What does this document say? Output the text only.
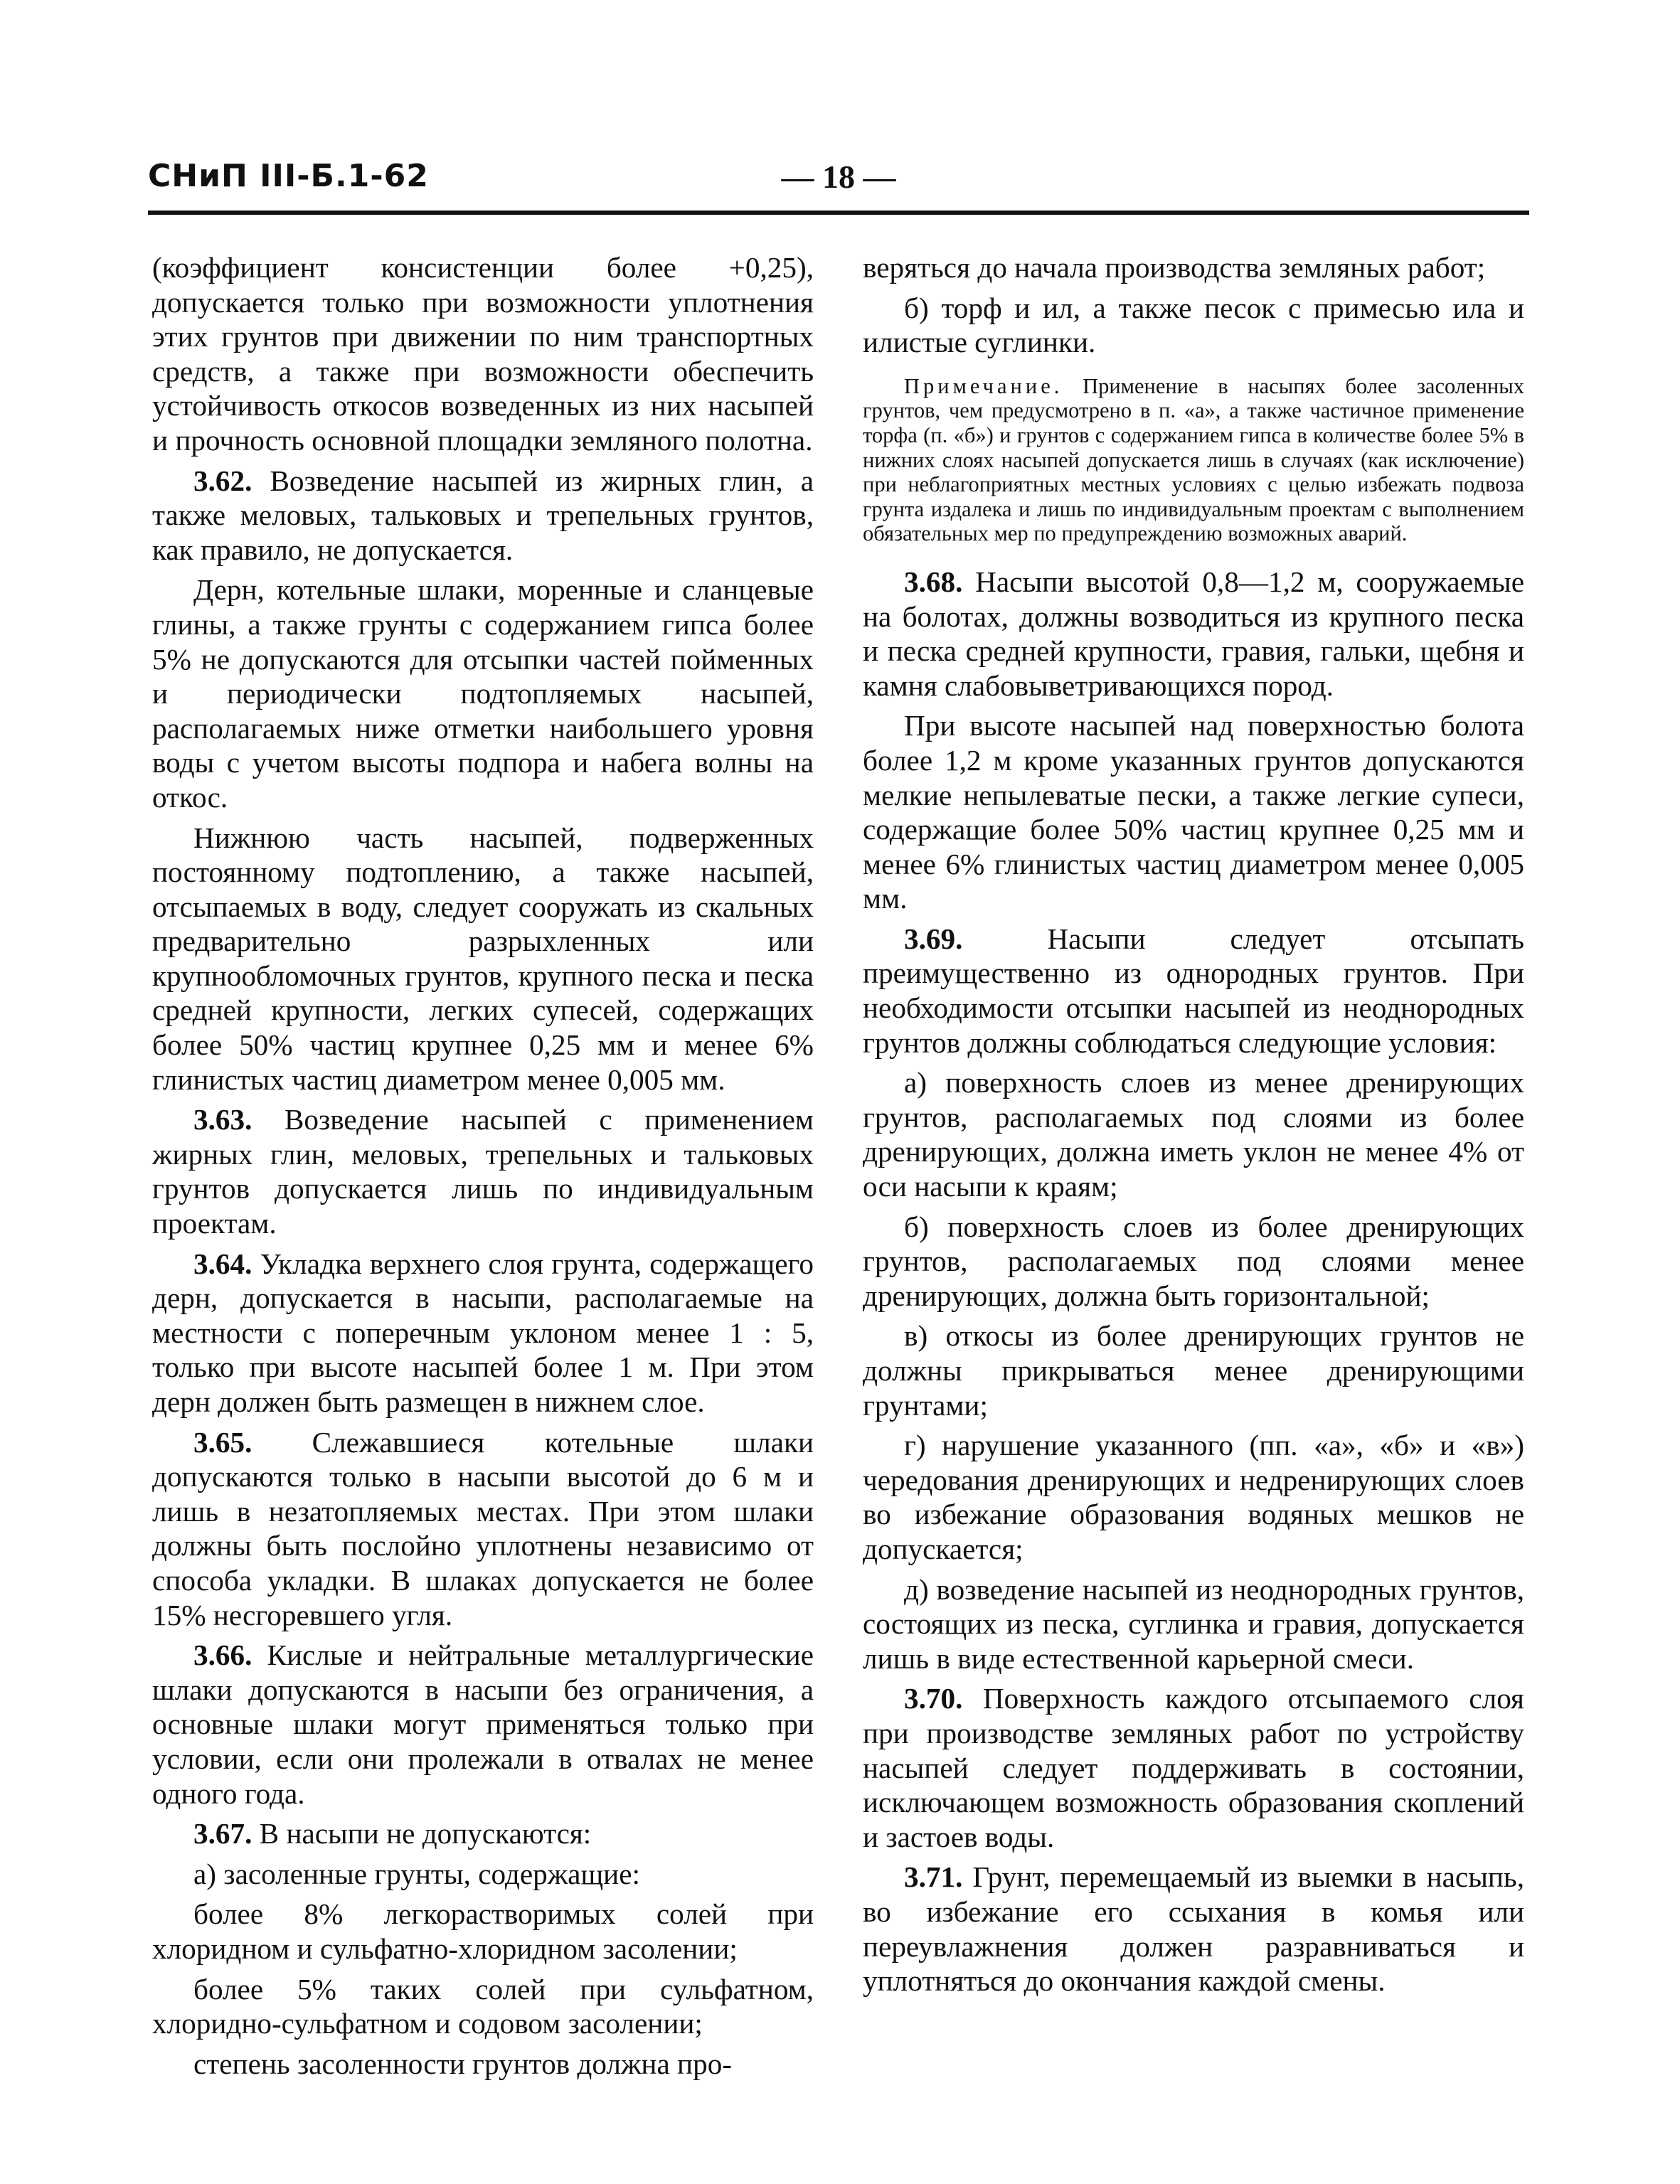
СНиП III-Б.1-62	— 18 —

(коэффициент консистенции более +0,25), допускается только при возможности уплотнения этих грунтов при движении по ним транспортных средств, а также при возможности обеспечить устойчивость откосов возведенных из них насыпей и прочность основной площадки земляного полотна.

3.62. Возведение насыпей из жирных глин, а также меловых, тальковых и трепельных грунтов, как правило, не допускается.

Дерн, котельные шлаки, моренные и сланцевые глины, а также грунты с содержанием гипса более 5% не допускаются для отсыпки частей пойменных и периодически подтопляемых насыпей, располагаемых ниже отметки наибольшего уровня воды с учетом высоты подпора и набега волны на откос.

Нижнюю часть насыпей, подверженных постоянному подтоплению, а также насыпей, отсыпаемых в воду, следует сооружать из скальных предварительно разрыхленных или крупнообломочных грунтов, крупного песка и песка средней крупности, легких супесей, содержащих более 50% частиц крупнее 0,25 мм и менее 6% глинистых частиц диаметром менее 0,005 мм.

3.63. Возведение насыпей с применением жирных глин, меловых, трепельных и тальковых грунтов допускается лишь по индивидуальным проектам.

3.64. Укладка верхнего слоя грунта, содержащего дерн, допускается в насыпи, располагаемые на местности с поперечным уклоном менее 1 : 5, только при высоте насыпей более 1 м. При этом дерн должен быть размещен в нижнем слое.

3.65. Слежавшиеся котельные шлаки допускаются только в насыпи высотой до 6 м и лишь в незатопляемых местах. При этом шлаки должны быть послойно уплотнены независимо от способа укладки. В шлаках допускается не более 15% несгоревшего угля.

3.66. Кислые и нейтральные металлургические шлаки допускаются в насыпи без ограничения, а основные шлаки могут применяться только при условии, если они пролежали в отвалах не менее одного года.

3.67. В насыпи не допускаются:

а) засоленные грунты, содержащие:

более 8% легкорастворимых солей при хлоридном и сульфатно-хлоридном засолении;

более 5% таких солей при сульфатном, хлоридно-сульфатном и содовом засолении;

степень засоленности грунтов должна про-

веряться до начала производства земляных работ;

б) торф и ил, а также песок с примесью ила и илистые суглинки.

Примечание. Применение в насыпях более засоленных грунтов, чем предусмотрено в п. «а», а также частичное применение торфа (п. «б») и грунтов с содержанием гипса в количестве более 5% в нижних слоях насыпей допускается лишь в случаях (как исключение) при неблагоприятных местных условиях с целью избежать подвоза грунта издалека и лишь по индивидуальным проектам с выполнением обязательных мер по предупреждению возможных аварий.

3.68. Насыпи высотой 0,8—1,2 м, сооружаемые на болотах, должны возводиться из крупного песка и песка средней крупности, гравия, гальки, щебня и камня слабовыветривающихся пород.

При высоте насыпей над поверхностью болота более 1,2 м кроме указанных грунтов допускаются мелкие непылеватые пески, а также легкие супеси, содержащие более 50% частиц крупнее 0,25 мм и менее 6% глинистых частиц диаметром менее 0,005 мм.

3.69. Насыпи следует отсыпать преимущественно из однородных грунтов. При необходимости отсыпки насыпей из неоднородных грунтов должны соблюдаться следующие условия:

а) поверхность слоев из менее дренирующих грунтов, располагаемых под слоями из более дренирующих, должна иметь уклон не менее 4% от оси насыпи к краям;

б) поверхность слоев из более дренирующих грунтов, располагаемых под слоями менее дренирующих, должна быть горизонтальной;

в) откосы из более дренирующих грунтов не должны прикрываться менее дренирующими грунтами;

г) нарушение указанного (пп. «а», «б» и «в») чередования дренирующих и недренирующих слоев во избежание образования водяных мешков не допускается;

д) возведение насыпей из неоднородных грунтов, состоящих из песка, суглинка и гравия, допускается лишь в виде естественной карьерной смеси.

3.70. Поверхность каждого отсыпаемого слоя при производстве земляных работ по устройству насыпей следует поддерживать в состоянии, исключающем возможность образования скоплений и застоев воды.

3.71. Грунт, перемещаемый из выемки в насыпь, во избежание его ссыхания в комья или переувлажнения должен разравниваться и уплотняться до окончания каждой смены.
